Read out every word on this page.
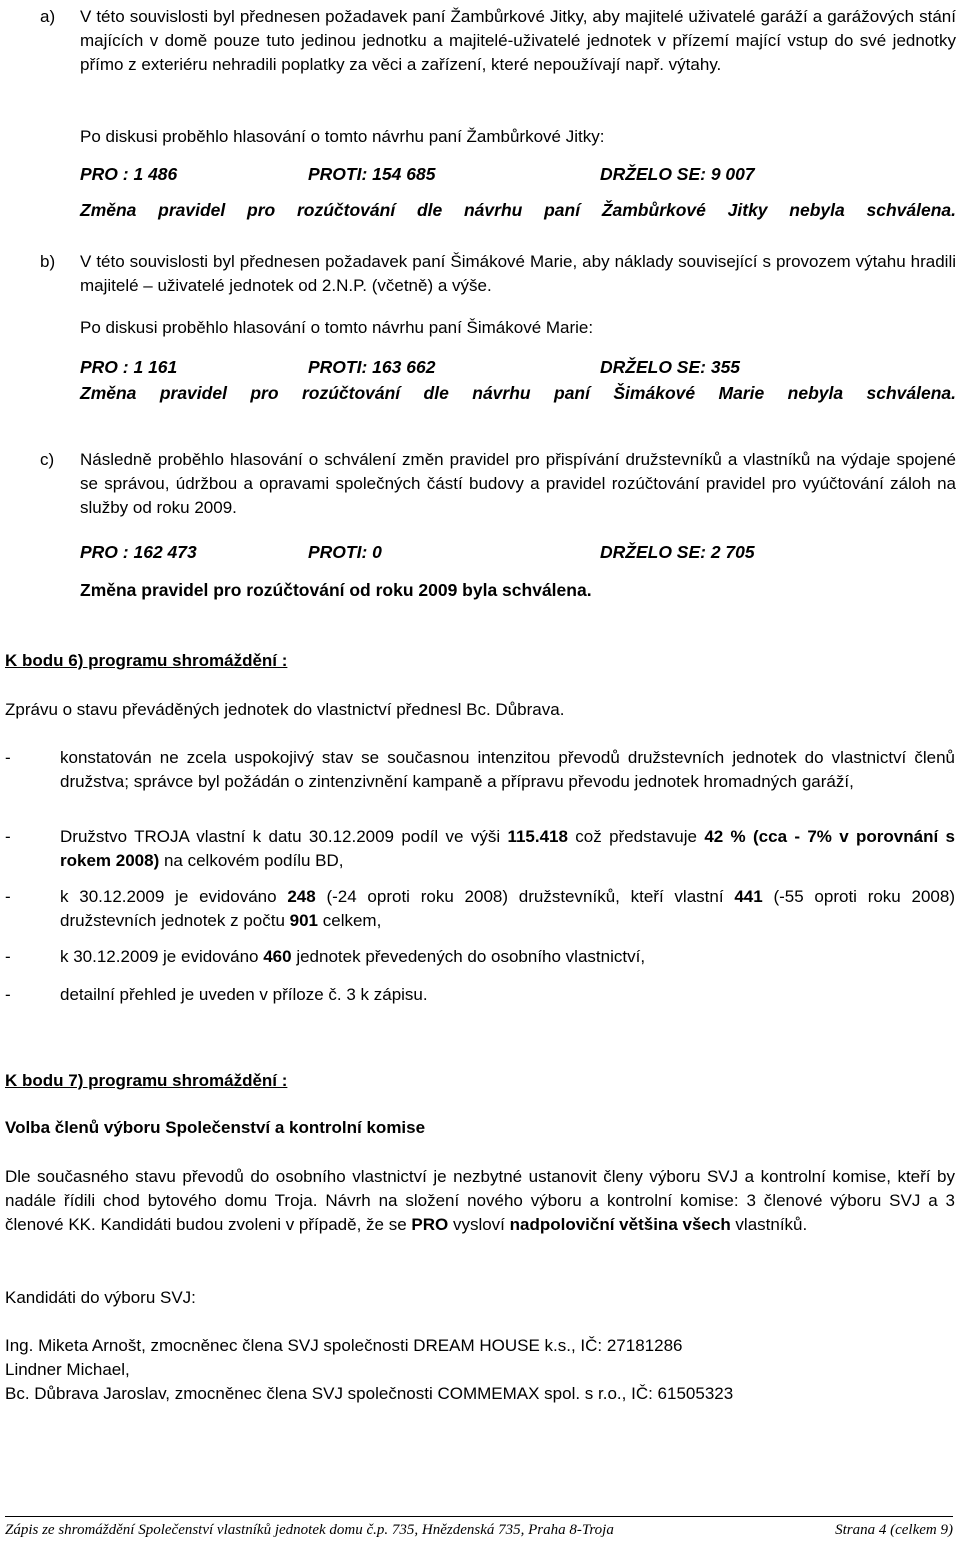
a) V této souvislosti byl přednesen požadavek paní Žambůrkové Jitky, aby majitelé uživatelé garáží a garážových stání majících v domě pouze tuto jedinou jednotku a majitelé-uživatelé jednotek v přízemí mající vstup do své jednotky přímo z exteriéru nehradili poplatky za věci a zařízení, které nepoužívají např. výtahy.
Po diskusi proběhlo hlasování o tomto návrhu paní Žambůrkové Jitky:
PRO : 1 486	PROTI: 154 685	DRŽELO SE: 9 007
Změna pravidel pro rozúčtování dle návrhu paní Žambůrkové Jitky nebyla schválena.
b) V této souvislosti byl přednesen požadavek paní Šimákové Marie, aby náklady související s provozem výtahu hradili majitelé – uživatelé jednotek od 2.N.P. (včetně) a výše.
Po diskusi proběhlo hlasování o tomto návrhu paní Šimákové Marie:
PRO : 1 161	PROTI: 163 662	DRŽELO SE: 355
Změna pravidel pro rozúčtování dle návrhu paní Šimákové Marie nebyla schválena.
c) Následně proběhlo hlasování o schválení změn pravidel pro přispívání družstevníků a vlastníků na výdaje spojené se správou, údržbou a opravami společných částí budovy a pravidel rozúčtování pravidel pro vyúčtování záloh na služby od roku 2009.
PRO : 162 473	PROTI: 0	DRŽELO SE: 2 705
Změna pravidel pro rozúčtování od roku 2009 byla schválena.
K bodu 6) programu shromáždění :
Zprávu o stavu převáděných jednotek do vlastnictví přednesl Bc. Důbrava.
-	konstatován ne zcela uspokojivý stav se současnou intenzitou převodů družstevních jednotek do vlastnictví členů družstva; správce byl požádán o zintenzivnění kampaně a přípravu převodu jednotek hromadných garáží,
-	Družstvo TROJA vlastní k datu 30.12.2009 podíl ve výši 115.418 což představuje 42 % (cca - 7% v porovnání s rokem 2008) na celkovém podílu BD,
-	k 30.12.2009 je evidováno 248 (-24 oproti roku 2008) družstevníků, kteří vlastní 441 (-55 oproti roku 2008) družstevních jednotek z počtu 901 celkem,
-	k 30.12.2009 je evidováno 460 jednotek převedených do osobního vlastnictví,
-	detailní přehled je uveden v příloze č. 3 k zápisu.
K bodu 7) programu shromáždění :
Volba členů výboru Společenství a kontrolní komise
Dle současného stavu převodů do osobního vlastnictví je nezbytné ustanovit členy výboru SVJ a kontrolní komise, kteří by nadále řídili chod bytového domu Troja. Návrh na složení nového výboru a kontrolní komise: 3 členové výboru SVJ a 3 členové KK. Kandidáti budou zvoleni v případě, že se PRO vysloví nadpoloviční většina všech vlastníků.
Kandidáti do výboru SVJ:
Ing. Miketa Arnošt, zmocněnec člena SVJ společnosti DREAM HOUSE k.s., IČ: 27181286
Lindner Michael,
Bc. Důbrava Jaroslav, zmocněnec člena SVJ společnosti COMMEMAX spol. s r.o., IČ: 61505323
Zápis ze shromáždění Společenství vlastníků jednotek domu č.p. 735, Hnězdenská 735, Praha 8-Troja	Strana 4 (celkem 9)
